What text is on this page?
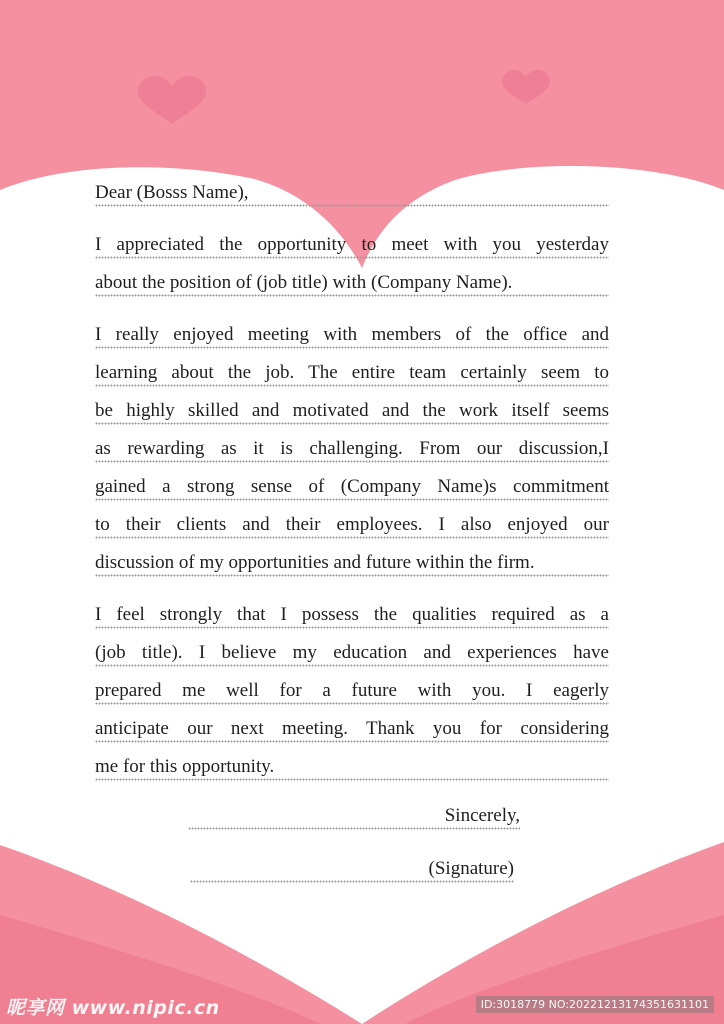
Dear (Bosss Name),
I appreciated the opportunity to meet with you yesterday
about the position of (job title) with (Company Name).
I really enjoyed meeting with members of the office and
learning about the job. The entire team certainly seem to
be highly skilled and motivated and the work itself seems
as rewarding as it is challenging. From our discussion,I
gained a strong sense of (Company Name)s commitment
to their clients and their employees. I also enjoyed our
discussion of my opportunities and future within the firm.
I feel strongly that I possess the qualities required as a
(job title). I believe my education and experiences have
prepared me well for a future with you. I eagerly
anticipate our next meeting. Thank you for considering
me for this opportunity.
Sincerely,
(Signature)
昵享网 www.nipic.cn	ID:3018779 NO:20221213174351631101
